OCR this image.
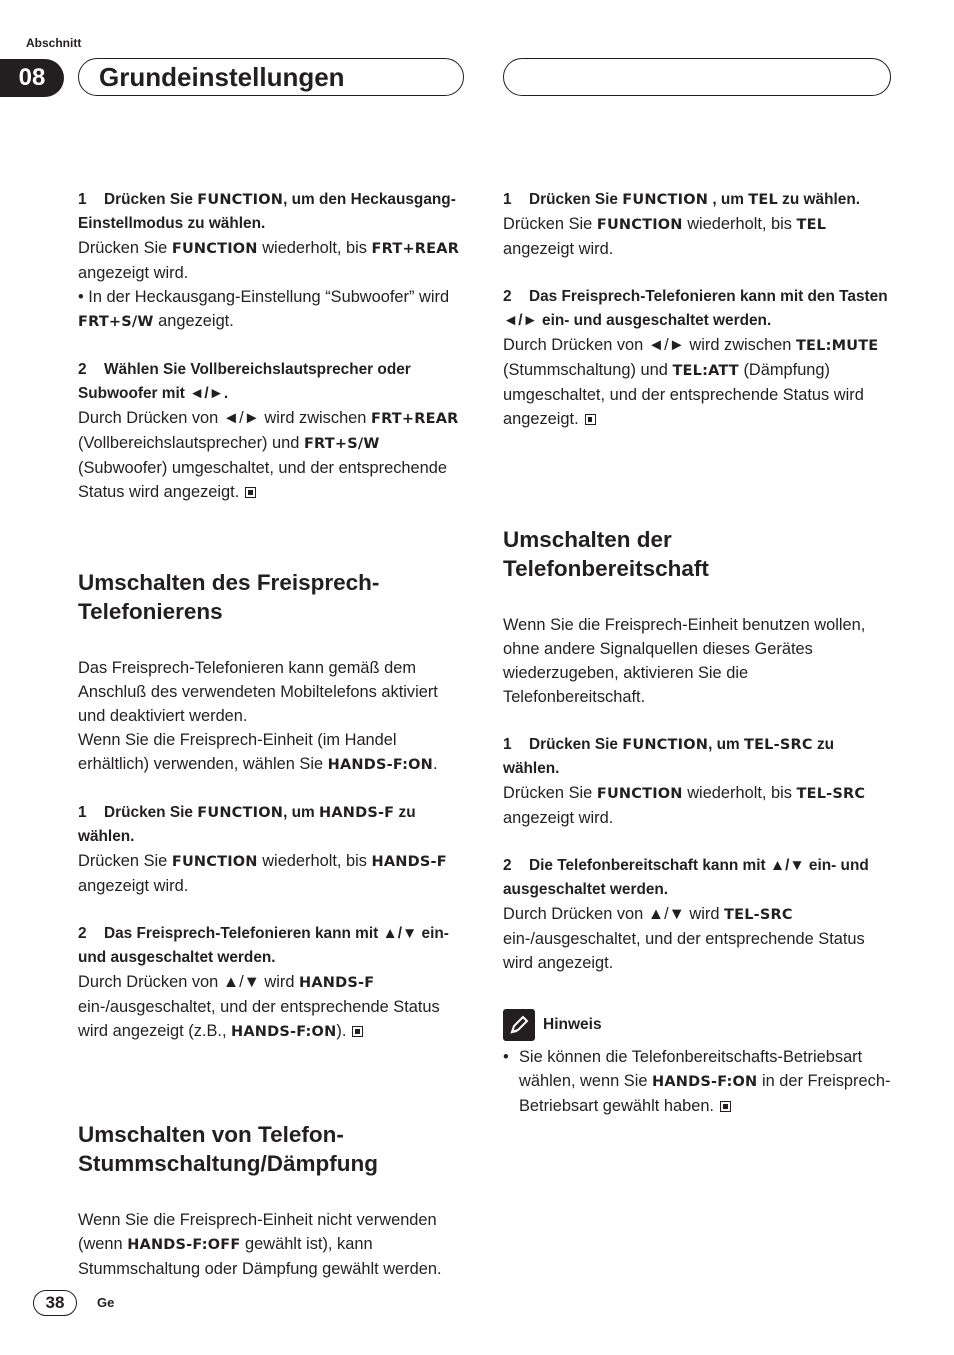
Abschnitt
08	Grundeinstellungen

1 Drücken Sie FUNCTION, um den Heckausgang-Einstellmodus zu wählen.

Drücken Sie FUNCTION wiederholt, bis FRT+REAR angezeigt wird.

• In der Heckausgang-Einstellung “Subwoofer” wird FRT+S/W angezeigt.

2 Wählen Sie Vollbereichslautsprecher oder Subwoofer mit ◄/►.

Durch Drücken von ◄/► wird zwischen FRT+REAR (Vollbereichslautsprecher) und FRT+S/W (Subwoofer) umgeschaltet, und der entsprechende Status wird angezeigt.

Umschalten des Freisprech-Telefonierens

Das Freisprech-Telefonieren kann gemäß dem Anschluß des verwendeten Mobiltelefons aktiviert und deaktiviert werden.

Wenn Sie die Freisprech-Einheit (im Handel erhältlich) verwenden, wählen Sie HANDS-F:ON.

1 Drücken Sie FUNCTION, um HANDS-F zu wählen.

Drücken Sie FUNCTION wiederholt, bis HANDS-F angezeigt wird.

2 Das Freisprech-Telefonieren kann mit ▲/▼ ein- und ausgeschaltet werden.

Durch Drücken von ▲/▼ wird HANDS-F ein-/ausgeschaltet, und der entsprechende Status wird angezeigt (z.B., HANDS-F:ON).

Umschalten von Telefon-Stummschaltung/Dämpfung

Wenn Sie die Freisprech-Einheit nicht verwenden (wenn HANDS-F:OFF gewählt ist), kann Stummschaltung oder Dämpfung gewählt werden.

1 Drücken Sie FUNCTION , um TEL zu wählen.

Drücken Sie FUNCTION wiederholt, bis TEL angezeigt wird.

2 Das Freisprech-Telefonieren kann mit den Tasten ◄/► ein- und ausgeschaltet werden.

Durch Drücken von ◄/► wird zwischen TEL:MUTE (Stummschaltung) und TEL:ATT (Dämpfung) umgeschaltet, und der entsprechende Status wird angezeigt.

Umschalten der Telefonbereitschaft

Wenn Sie die Freisprech-Einheit benutzen wollen, ohne andere Signalquellen dieses Gerätes wiederzugeben, aktivieren Sie die Telefonbereitschaft.

1 Drücken Sie FUNCTION, um TEL-SRC zu wählen.

Drücken Sie FUNCTION wiederholt, bis TEL-SRC angezeigt wird.

2 Die Telefonbereitschaft kann mit ▲/▼ ein- und ausgeschaltet werden.

Durch Drücken von ▲/▼ wird TEL-SRC ein-/ausgeschaltet, und der entsprechende Status wird angezeigt.

Hinweis
• Sie können die Telefonbereitschafts-Betriebsart wählen, wenn Sie HANDS-F:ON in der Freisprech-Betriebsart gewählt haben.

38	Ge
